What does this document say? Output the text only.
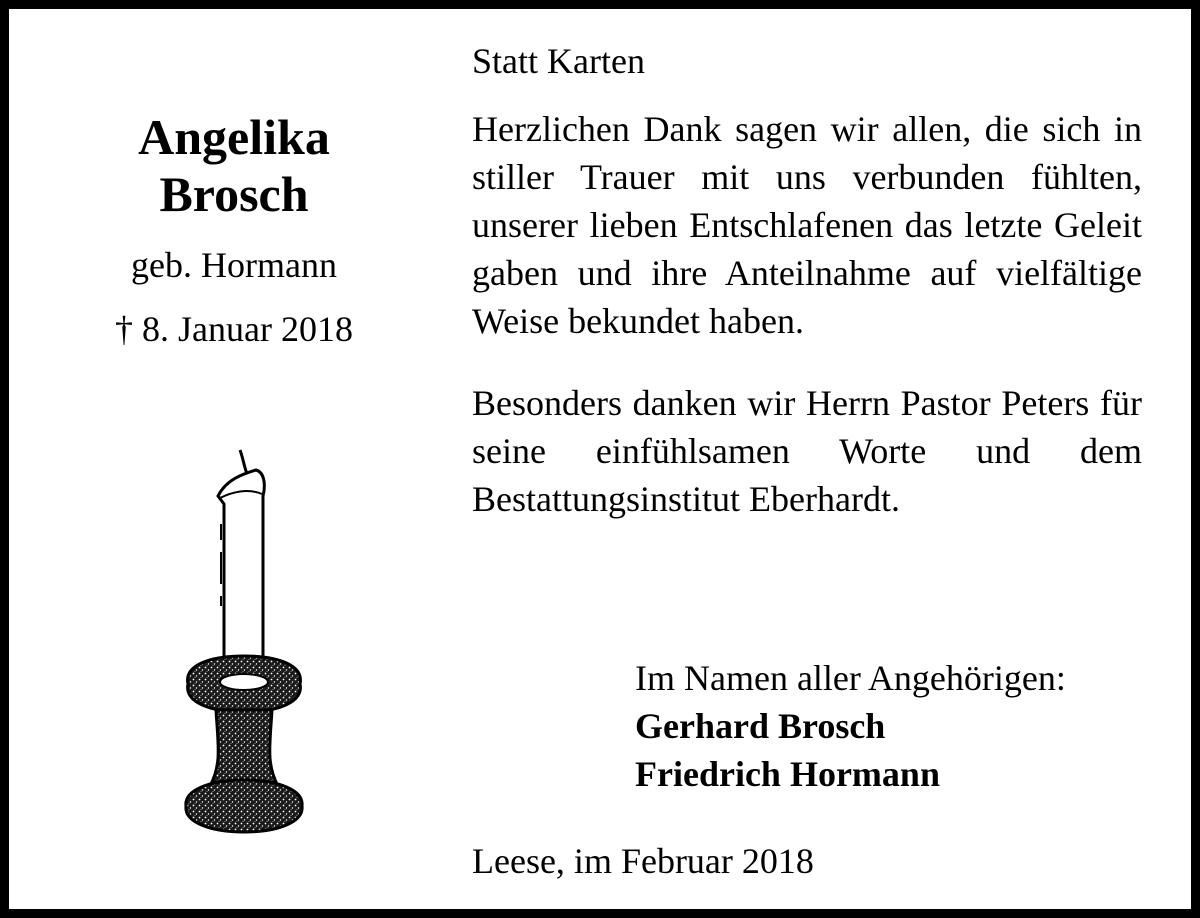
Angelika
Brosch
geb. Hormann
† 8. Januar 2018
Statt Karten

Herzlichen Dank sagen wir allen, die sich in stiller Trauer mit uns verbunden fühlten, unserer lieben Entschlafenen das letzte Geleit gaben und ihre Anteilnahme auf vielfältige Weise bekundet haben.

Besonders danken wir Herrn Pastor Peters für seine einfühlsamen Worte und dem Bestattungsinstitut Eberhardt.

Im Namen aller Angehörigen:
Gerhard Brosch
Friedrich Hormann
Leese, im Februar 2018
